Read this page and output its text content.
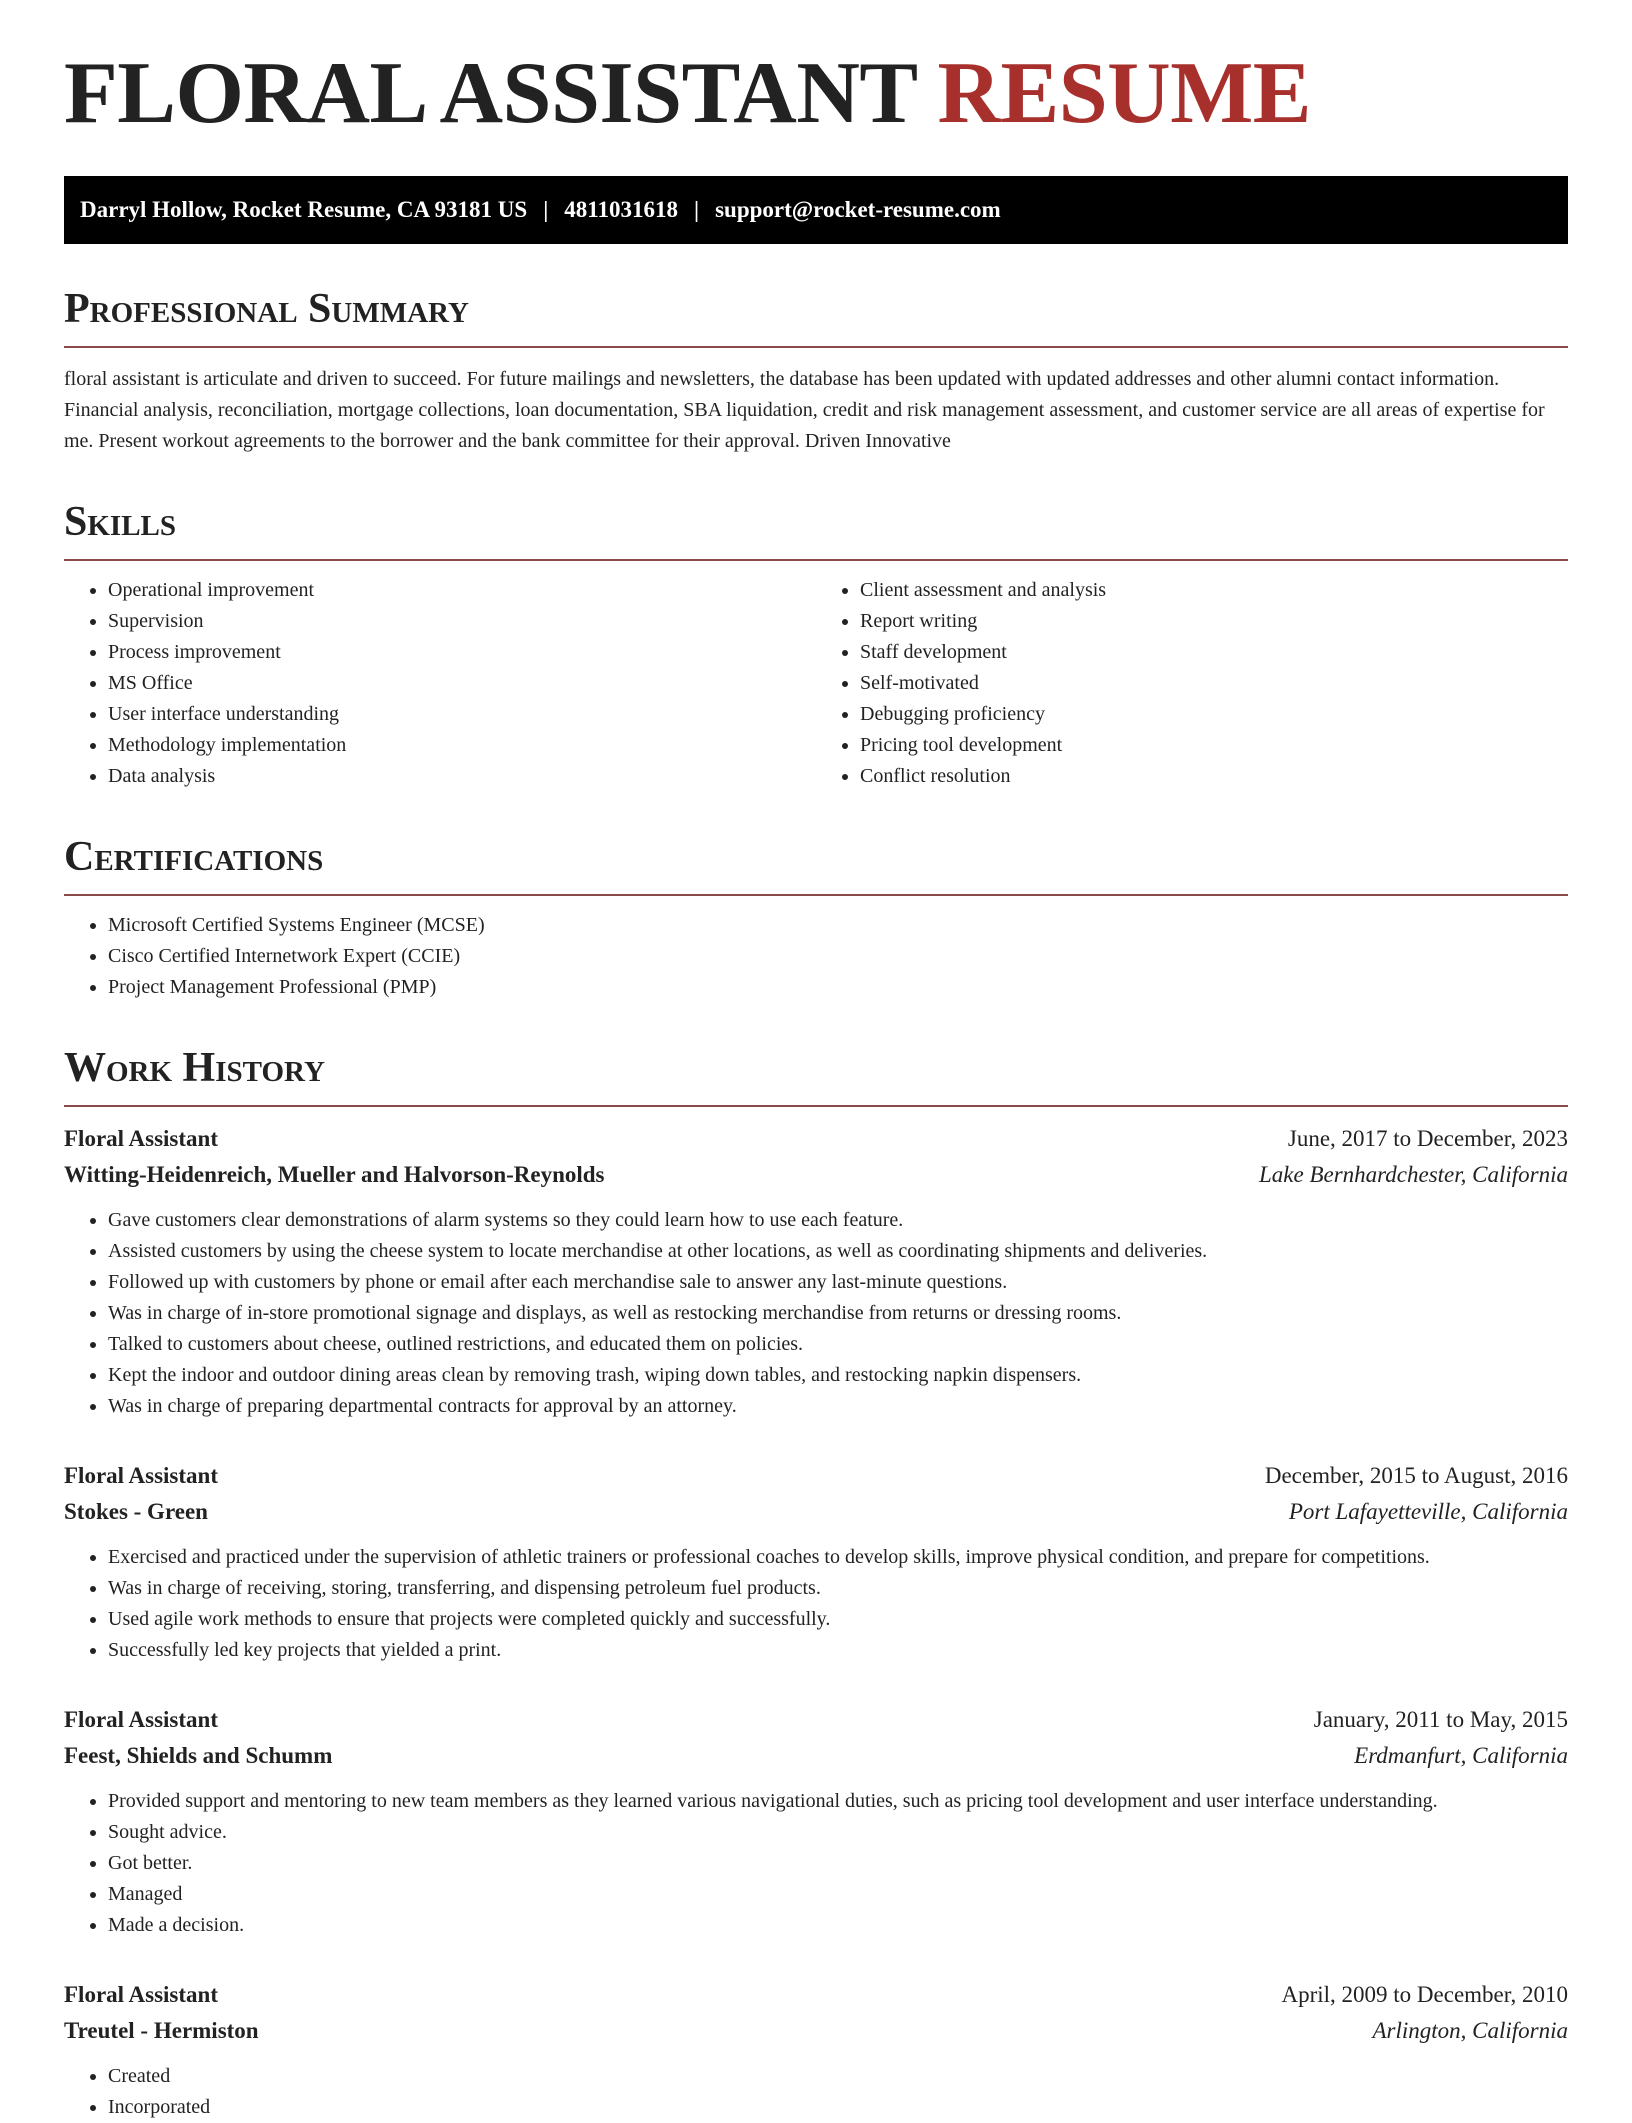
FLORAL ASSISTANT RESUME
Darryl Hollow, Rocket Resume, CA 93181 US | 4811031618 | support@rocket-resume.com
Professional Summary

floral assistant is articulate and driven to succeed. For future mailings and newsletters, the database has been updated with updated addresses and other alumni contact information. Financial analysis, reconciliation, mortgage collections, loan documentation, SBA liquidation, credit and risk management assessment, and customer service are all areas of expertise for me. Present workout agreements to the borrower and the bank committee for their approval. Driven Innovative

Skills
• Operational improvement
• Supervision
• Process improvement
• MS Office
• User interface understanding
• Methodology implementation
• Data analysis
• Client assessment and analysis
• Report writing
• Staff development
• Self-motivated
• Debugging proficiency
• Pricing tool development
• Conflict resolution
Certifications
• Microsoft Certified Systems Engineer (MCSE)
• Cisco Certified Internetwork Expert (CCIE)
• Project Management Professional (PMP)
Work History
Floral Assistant	June, 2017 to December, 2023
Witting-Heidenreich, Mueller and Halvorson-Reynolds	Lake Bernhardchester, California
• Gave customers clear demonstrations of alarm systems so they could learn how to use each feature.
• Assisted customers by using the cheese system to locate merchandise at other locations, as well as coordinating shipments and deliveries.
• Followed up with customers by phone or email after each merchandise sale to answer any last-minute questions.
• Was in charge of in-store promotional signage and displays, as well as restocking merchandise from returns or dressing rooms.
• Talked to customers about cheese, outlined restrictions, and educated them on policies.
• Kept the indoor and outdoor dining areas clean by removing trash, wiping down tables, and restocking napkin dispensers.
• Was in charge of preparing departmental contracts for approval by an attorney.
Floral Assistant	December, 2015 to August, 2016
Stokes - Green	Port Lafayetteville, California
• Exercised and practiced under the supervision of athletic trainers or professional coaches to develop skills, improve physical condition, and prepare for competitions.
• Was in charge of receiving, storing, transferring, and dispensing petroleum fuel products.
• Used agile work methods to ensure that projects were completed quickly and successfully.
• Successfully led key projects that yielded a print.
Floral Assistant	January, 2011 to May, 2015
Feest, Shields and Schumm	Erdmanfurt, California
• Provided support and mentoring to new team members as they learned various navigational duties, such as pricing tool development and user interface understanding.
• Sought advice.
• Got better.
• Managed
• Made a decision.
Floral Assistant	April, 2009 to December, 2010
Treutel - Hermiston	Arlington, California
• Created
• Incorporated
